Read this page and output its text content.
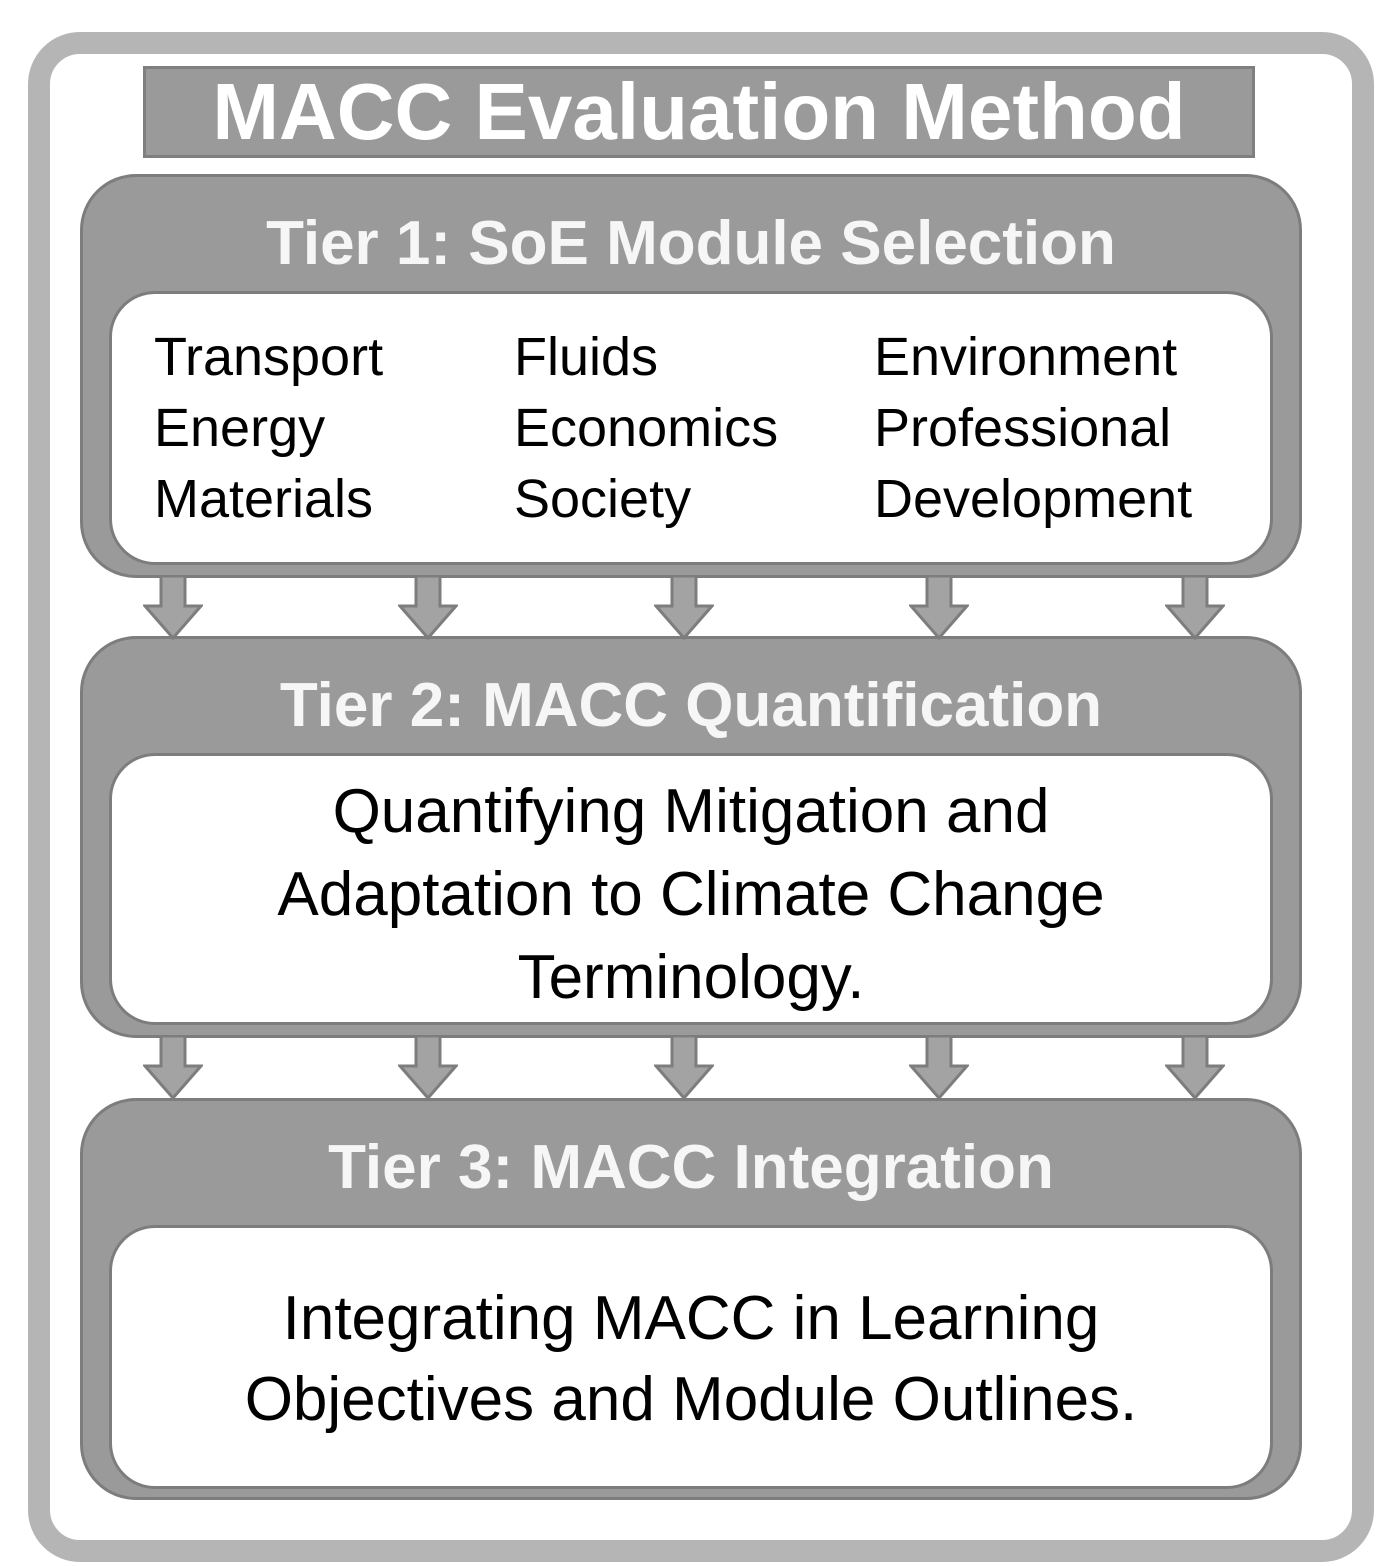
MACC Evaluation Method
Tier 1: SoE Module Selection
Transport
Energy
Materials
Fluids
Economics
Society
Environment
Professional
Development
Tier 2: MACC Quantification
Quantifying Mitigation and
Adaptation to Climate Change
Terminology.
Tier 3: MACC Integration
Integrating MACC in Learning
Objectives and Module Outlines.
